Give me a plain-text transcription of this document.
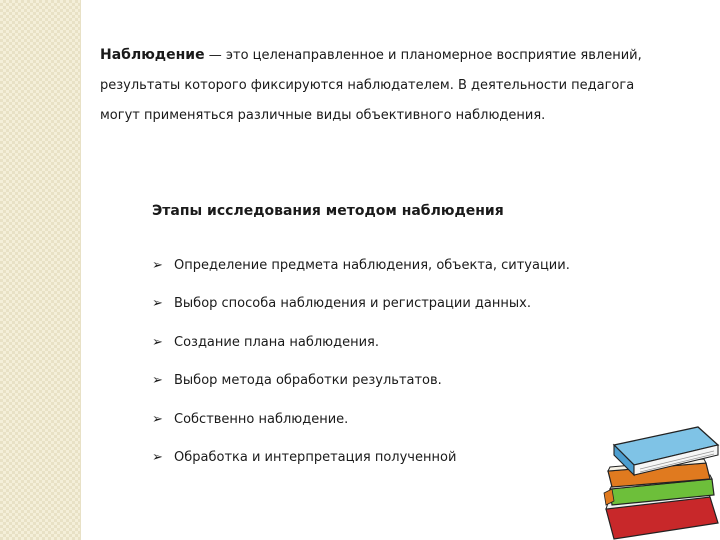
Наблюдение — это целенаправленное и планомерное восприятие явлений, результаты которого фиксируются наблюдателем. В деятельности педагога могут применяться различные виды объективного наблюдения.

Этапы исследования методом наблюдения
➢ Определение предмета наблюдения, объекта, ситуации.
➢ Выбор способа наблюдения и регистрации данных.
➢ Создание плана наблюдения.
➢ Выбор метода обработки результатов.
➢ Собственно наблюдение.
➢ Обработка и интерпретация полученной
